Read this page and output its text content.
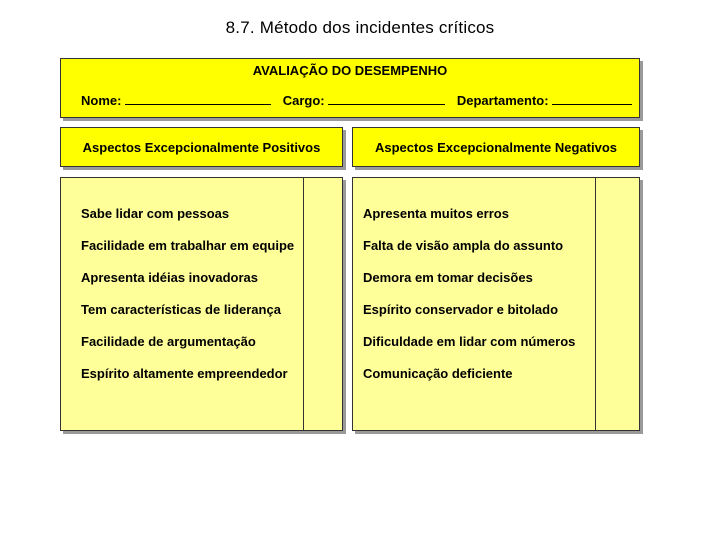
8.7. Método dos incidentes críticos
AVALIAÇÃO DO DESEMPENHO
Nome:	Cargo:	Departamento:
Aspectos Excepcionalmente Positivos	Aspectos Excepcionalmente Negativos
Sabe lidar com pessoas
Facilidade em trabalhar em equipe
Apresenta idéias inovadoras
Tem características de liderança
Facilidade de argumentação
Espírito altamente empreendedor
Apresenta muitos erros
Falta de visão ampla do assunto
Demora em tomar decisões
Espírito conservador e bitolado
Dificuldade em lidar com números
Comunicação deficiente
